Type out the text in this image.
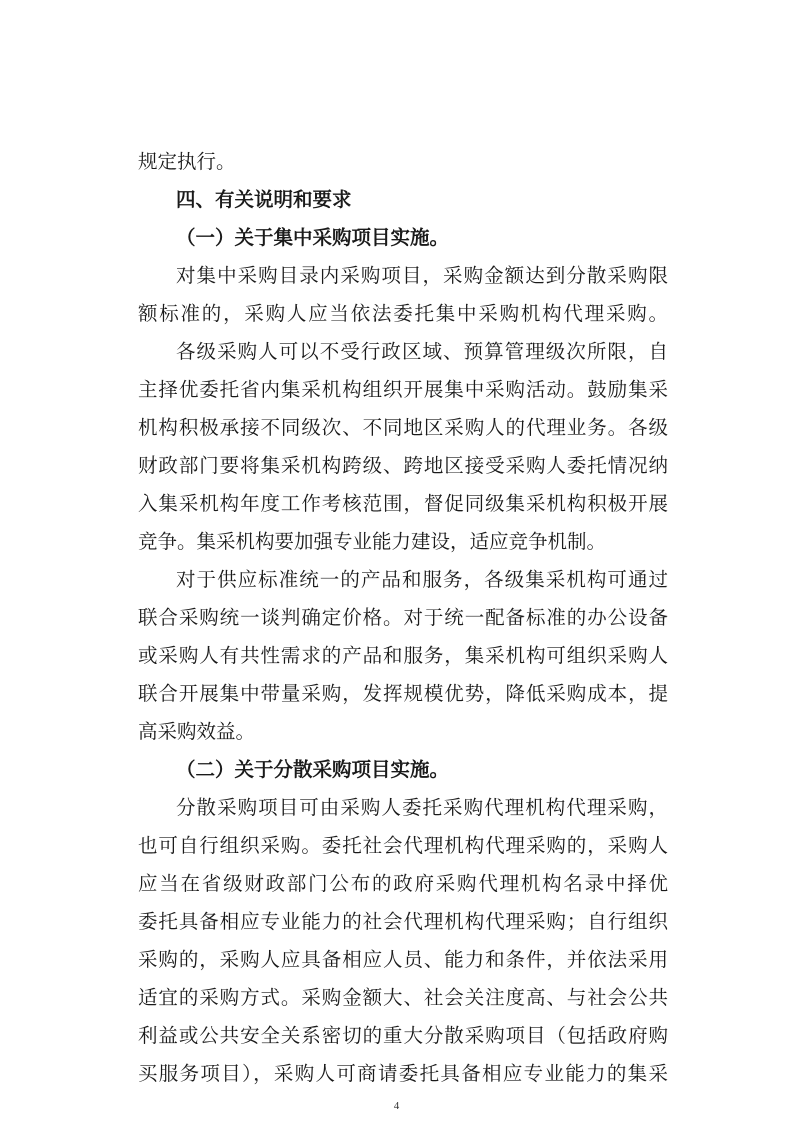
规定执行。
四、有关说明和要求
（一）关于集中采购项目实施。
对集中采购目录内采购项目，采购金额达到分散采购限
额标准的，采购人应当依法委托集中采购机构代理采购。
各级采购人可以不受行政区域、预算管理级次所限，自
主择优委托省内集采机构组织开展集中采购活动。鼓励集采
机构积极承接不同级次、不同地区采购人的代理业务。各级
财政部门要将集采机构跨级、跨地区接受采购人委托情况纳
入集采机构年度工作考核范围，督促同级集采机构积极开展
竞争。集采机构要加强专业能力建设，适应竞争机制。
对于供应标准统一的产品和服务，各级集采机构可通过
联合采购统一谈判确定价格。对于统一配备标准的办公设备
或采购人有共性需求的产品和服务，集采机构可组织采购人
联合开展集中带量采购，发挥规模优势，降低采购成本，提
高采购效益。
（二）关于分散采购项目实施。
分散采购项目可由采购人委托采购代理机构代理采购，
也可自行组织采购。委托社会代理机构代理采购的，采购人
应当在省级财政部门公布的政府采购代理机构名录中择优
委托具备相应专业能力的社会代理机构代理采购；自行组织
采购的，采购人应具备相应人员、能力和条件，并依法采用
适宜的采购方式。采购金额大、社会关注度高、与社会公共
利益或公共安全关系密切的重大分散采购项目（包括政府购
买服务项目），采购人可商请委托具备相应专业能力的集采
4
